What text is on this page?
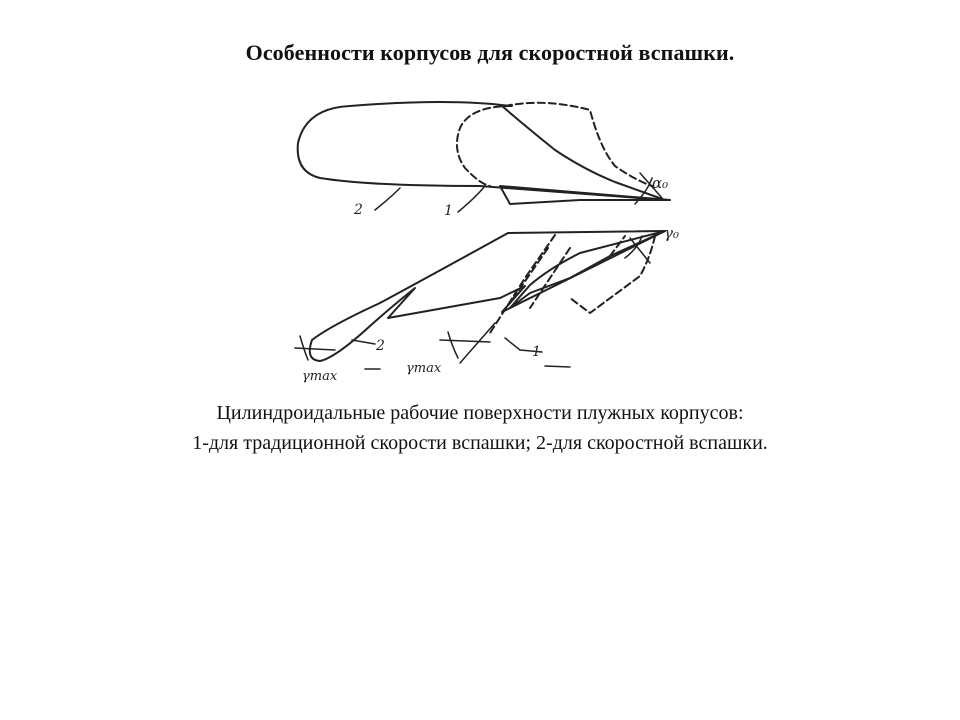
Особенности корпусов для скоростной вспашки.
2	1
α₀
γ₀
2	1
γmax
γmax
Цилиндроидальные рабочие поверхности плужных корпусов:
1-для традиционной скорости вспашки; 2-для скоростной вспашки.
